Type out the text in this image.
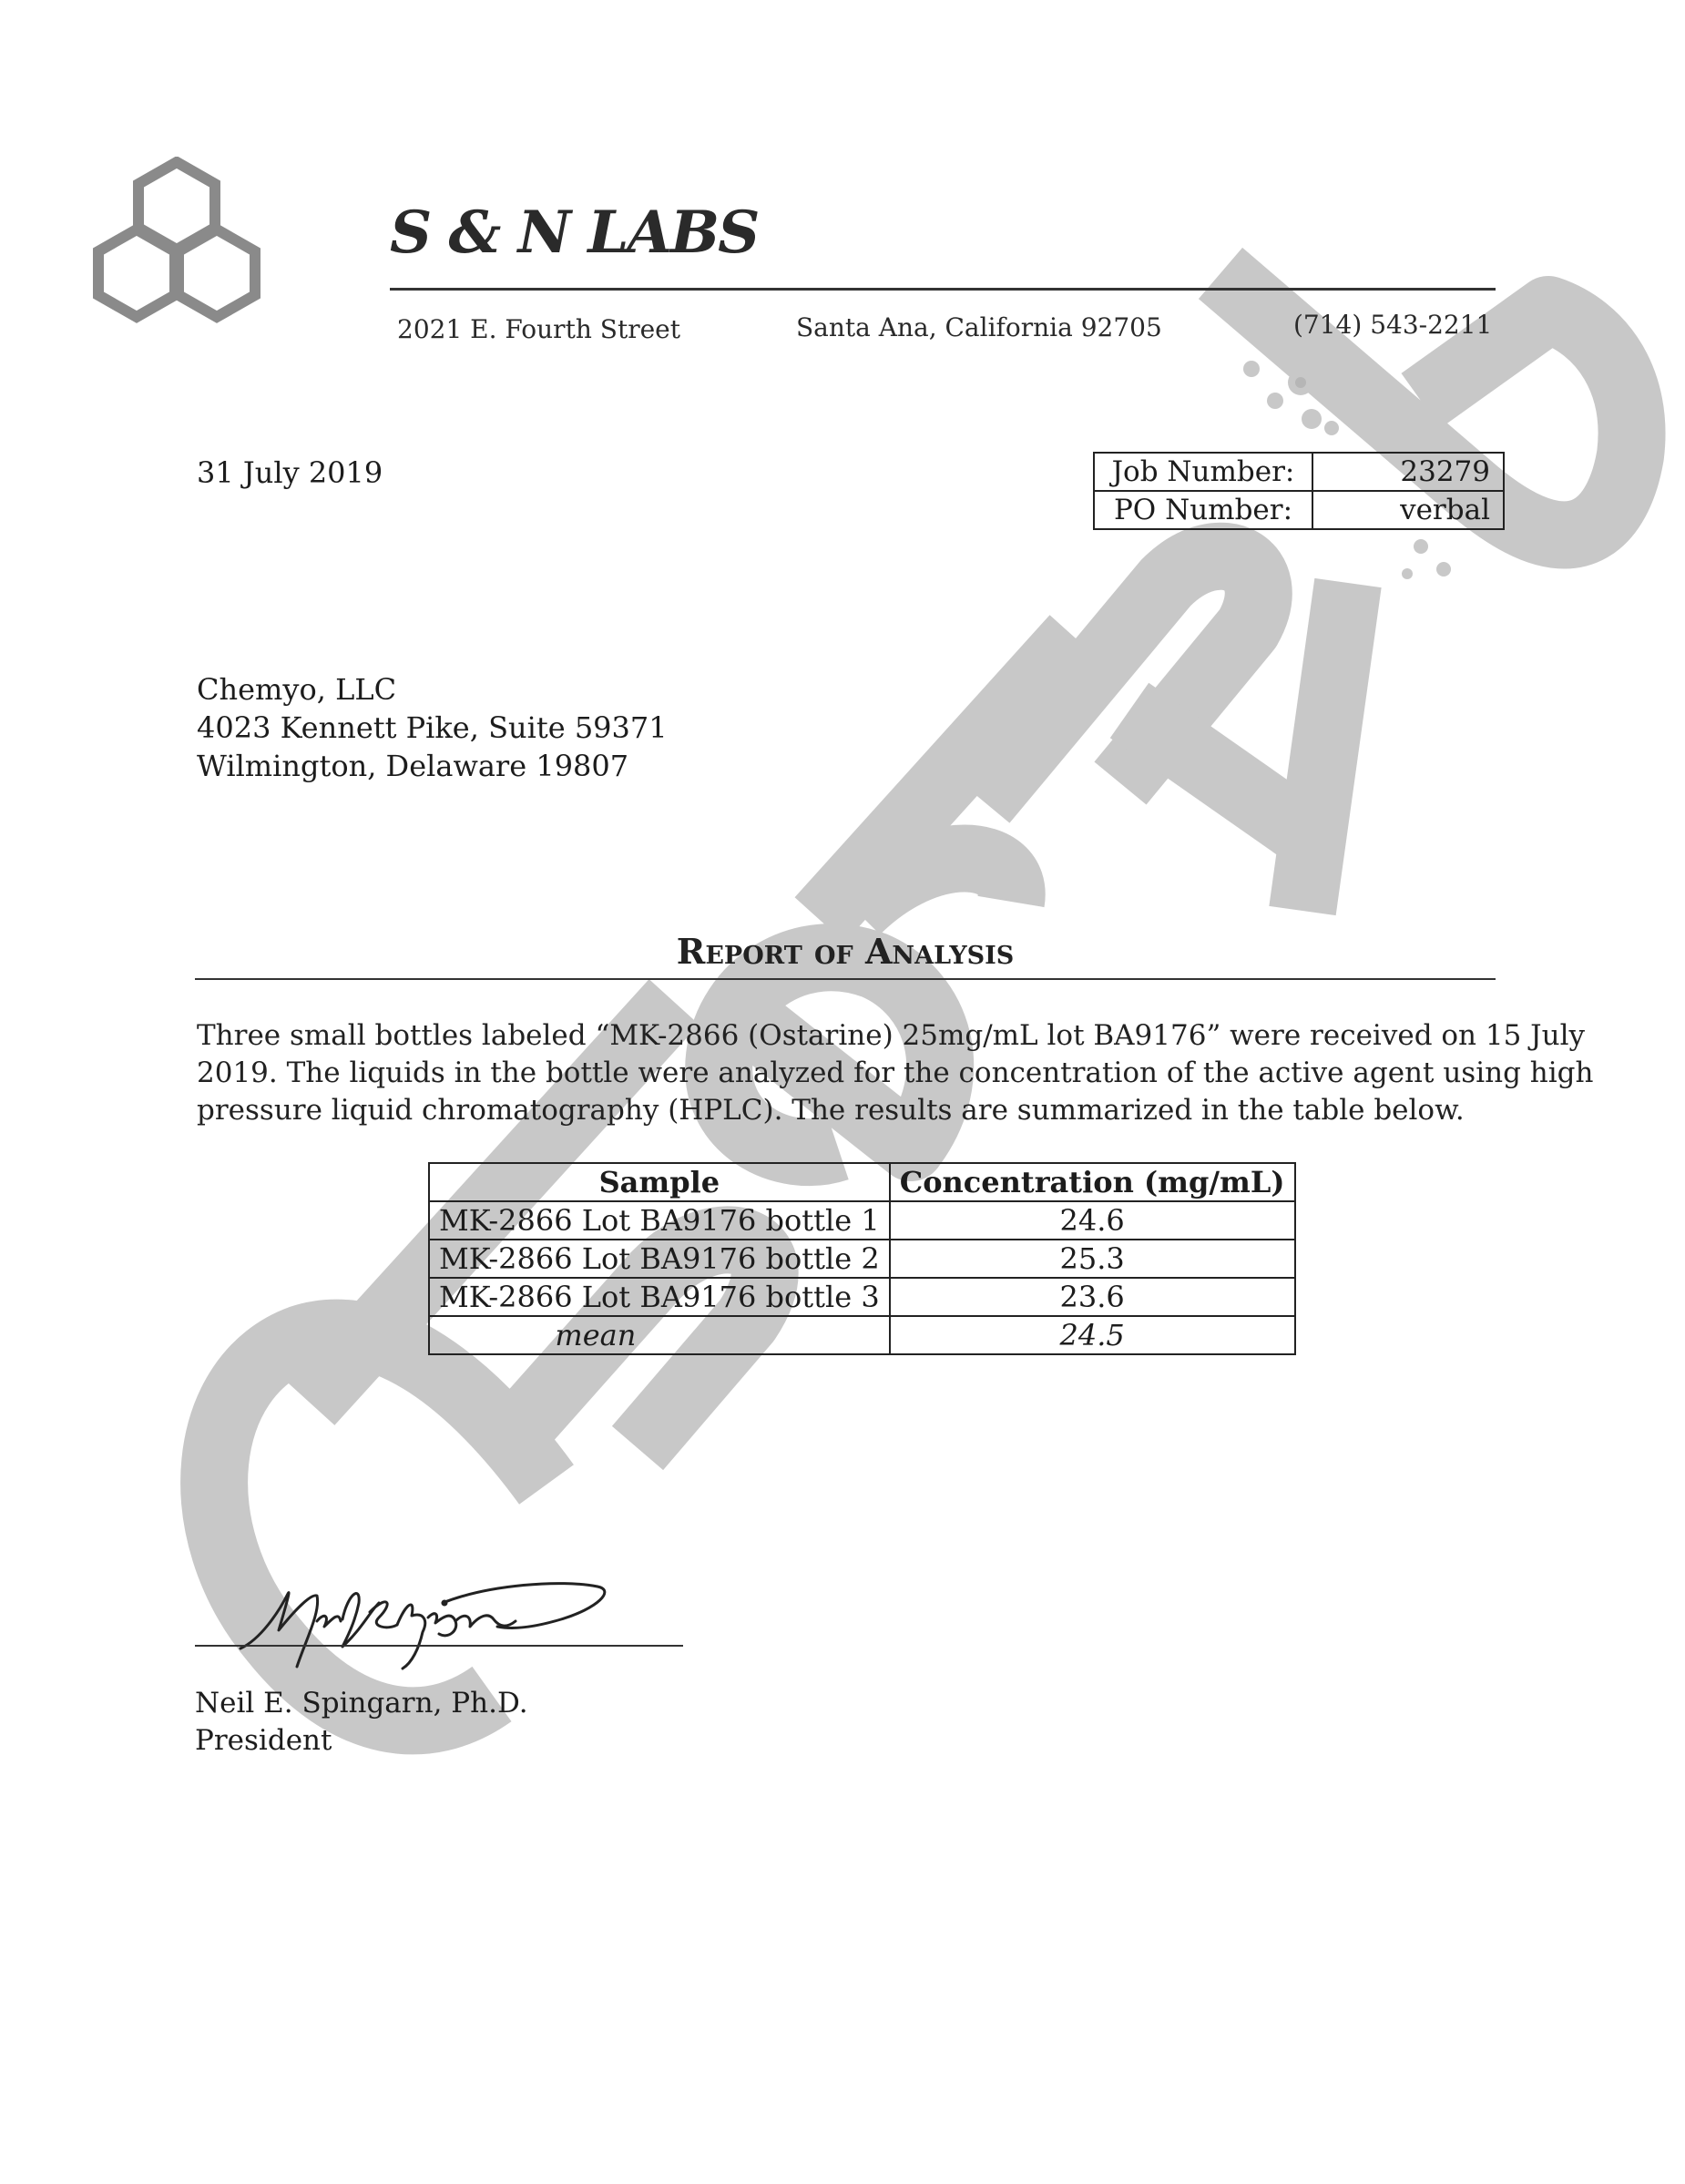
S & N LABS
2021 E. Fourth Street	Santa Ana, California 92705	(714) 543-2211
31 July 2019	Job Number:	23279
PO Number:	verbal
Chemyo, LLC
4023 Kennett Pike, Suite 59371
Wilmington, Delaware 19807
Report of Analysis
Three small bottles labeled “MK-2866 (Ostarine) 25mg/mL lot BA9176” were received on 15 July
2019. The liquids in the bottle were analyzed for the concentration of the active agent using high
pressure liquid chromatography (HPLC). The results are summarized in the table below.
Sample	Concentration (mg/mL)
MK-2866 Lot BA9176 bottle 1	24.6
MK-2866 Lot BA9176 bottle 2	25.3
MK-2866 Lot BA9176 bottle 3	23.6
mean	24.5
Neil E. Spingarn, Ph.D.
President
